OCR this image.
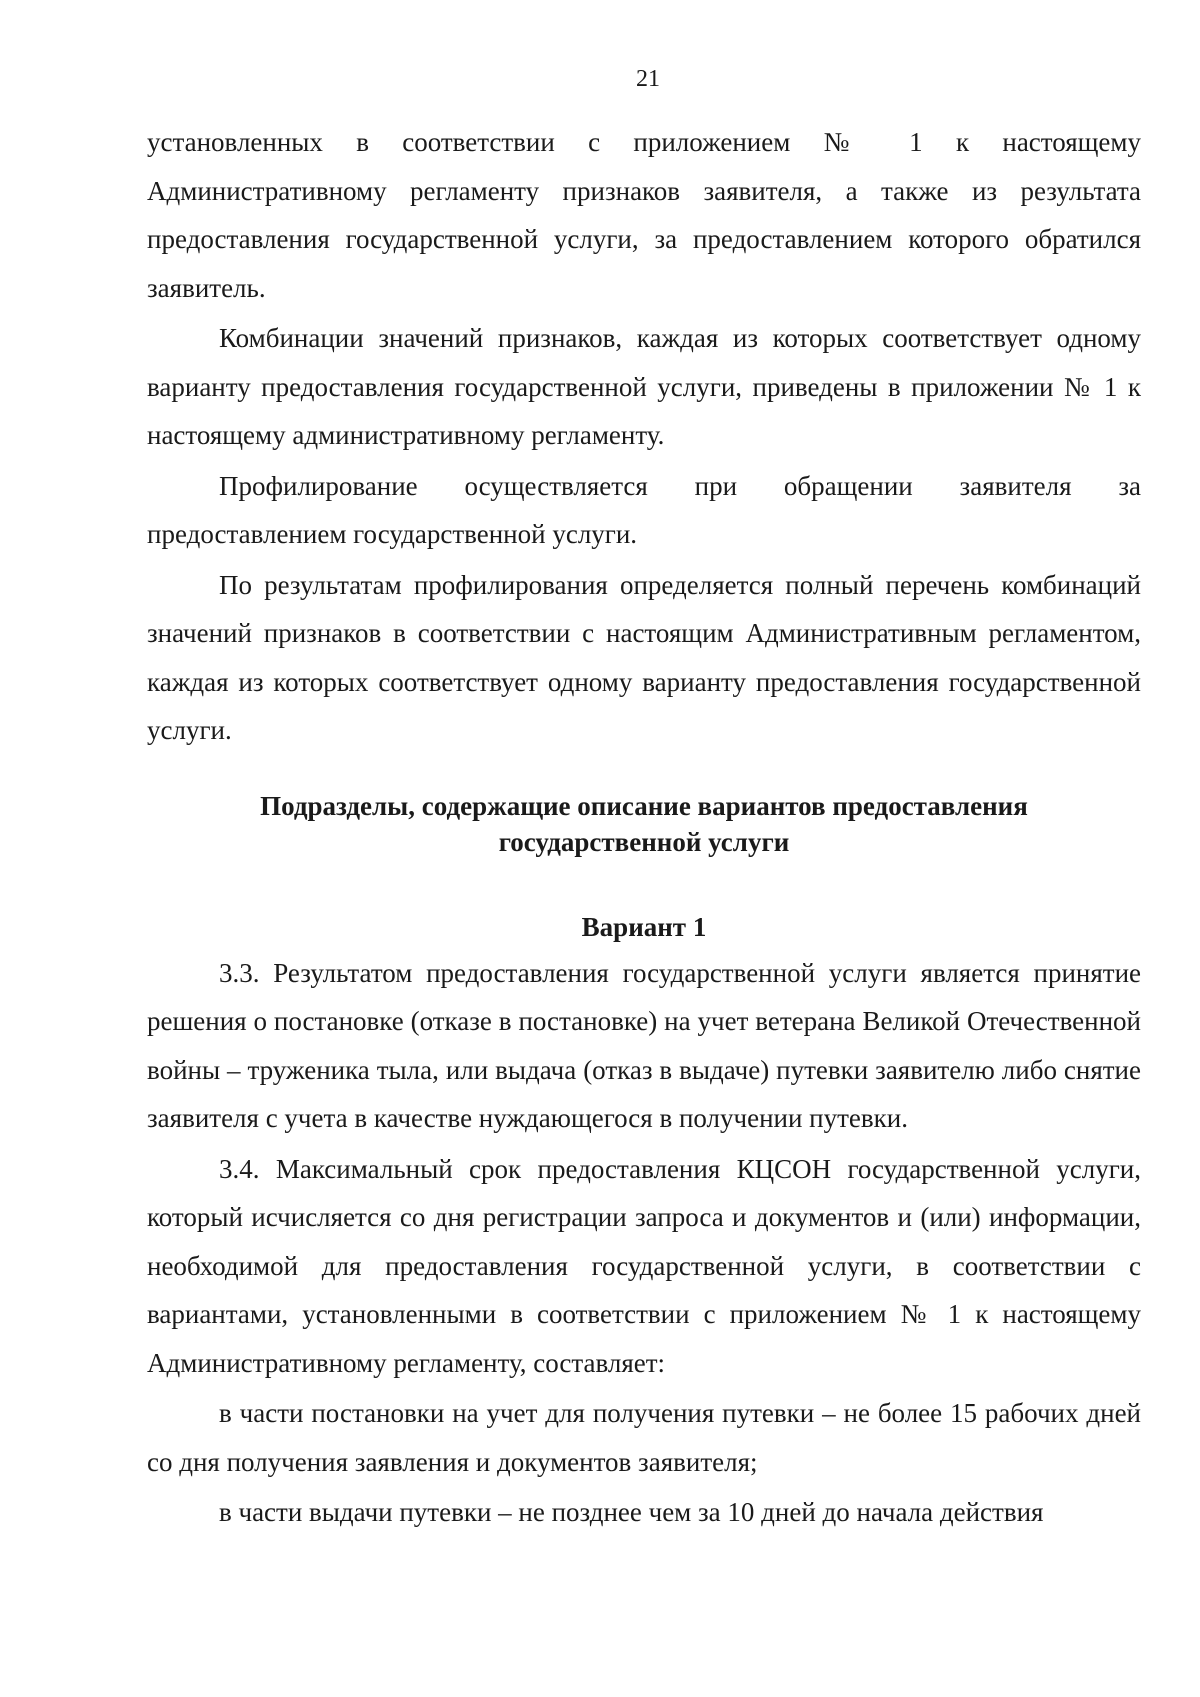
21

установленных в соответствии с приложением № 1 к настоящему Административному регламенту признаков заявителя, а также из результата предоставления государственной услуги, за предоставлением которого обратился заявитель.

Комбинации значений признаков, каждая из которых соответствует одному варианту предоставления государственной услуги, приведены в приложении № 1 к настоящему административному регламенту.

Профилирование осуществляется при обращении заявителя за предоставлением государственной услуги.

По результатам профилирования определяется полный перечень комбинаций значений признаков в соответствии с настоящим Административным регламентом, каждая из которых соответствует одному варианту предоставления государственной услуги.

Подразделы, содержащие описание вариантов предоставления

государственной услуги

Вариант 1

3.3. Результатом предоставления государственной услуги является принятие решения о постановке (отказе в постановке) на учет ветерана Великой Отечественной войны – труженика тыла, или выдача (отказ в выдаче) путевки заявителю либо снятие заявителя с учета в качестве нуждающегося в получении путевки.

3.4. Максимальный срок предоставления КЦСОН государственной услуги, который исчисляется со дня регистрации запроса и документов и (или) информации, необходимой для предоставления государственной услуги, в соответствии с вариантами, установленными в соответствии с приложением № 1 к настоящему Административному регламенту, составляет:

в части постановки на учет для получения путевки – не более 15 рабочих дней со дня получения заявления и документов заявителя;

в части выдачи путевки – не позднее чем за 10 дней до начала действия
